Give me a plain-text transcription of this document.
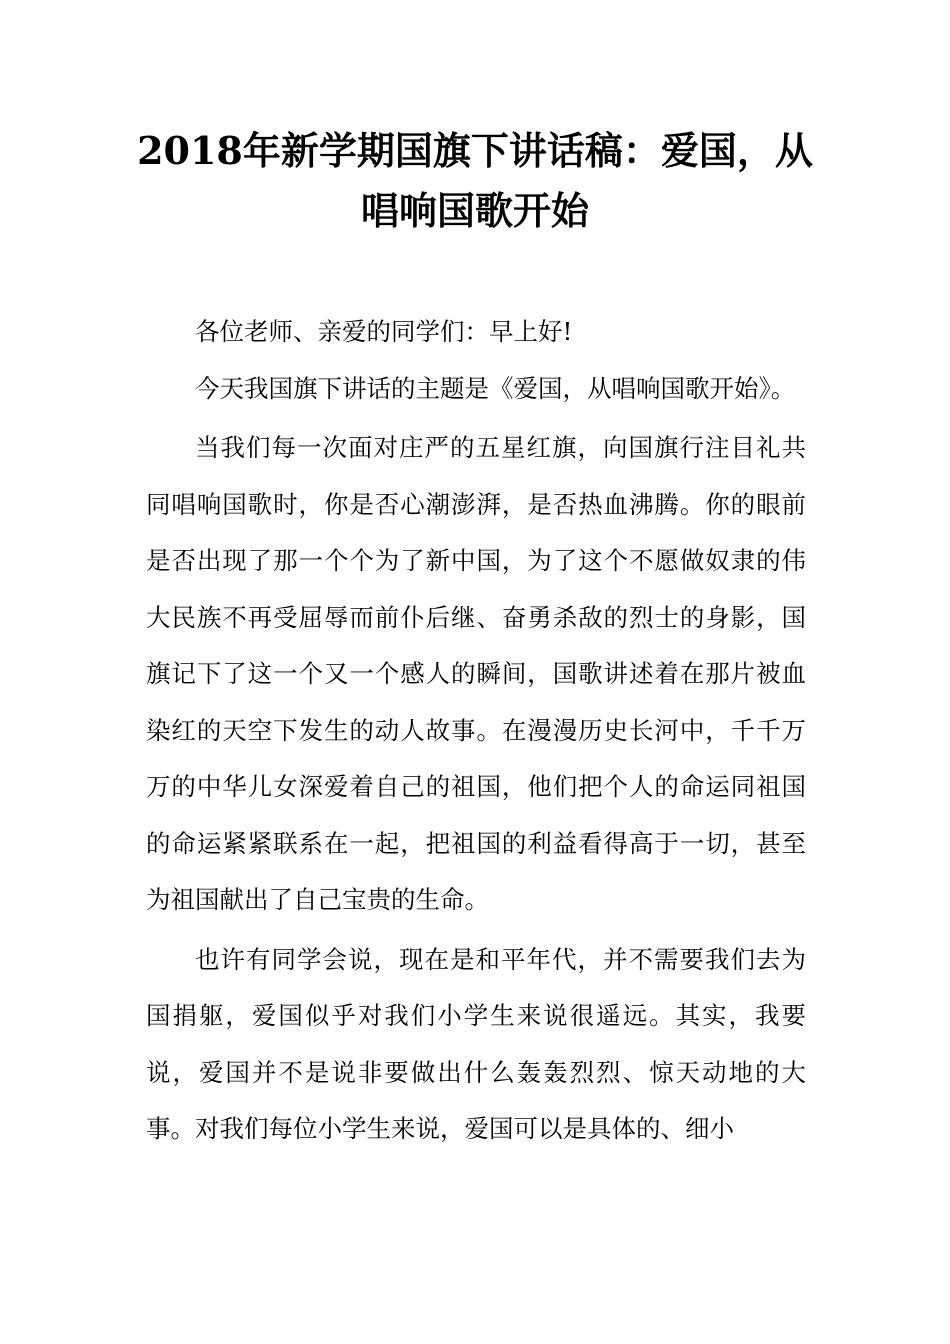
2018年新学期国旗下讲话稿：爱国，从
唱响国歌开始

各位老师、亲爱的同学们：早上好!

今天我国旗下讲话的主题是《爱国，从唱响国歌开始》。

当我们每一次面对庄严的五星红旗，向国旗行注目礼共同唱响国歌时，你是否心潮澎湃，是否热血沸腾。你的眼前是否出现了那一个个为了新中国，为了这个不愿做奴隶的伟大民族不再受屈辱而前仆后继、奋勇杀敌的烈士的身影，国旗记下了这一个又一个感人的瞬间，国歌讲述着在那片被血染红的天空下发生的动人故事。在漫漫历史长河中，千千万万的中华儿女深爱着自己的祖国，他们把个人的命运同祖国的命运紧紧联系在一起，把祖国的利益看得高于一切，甚至为祖国献出了自己宝贵的生命。

也许有同学会说，现在是和平年代，并不需要我们去为国捐躯，爱国似乎对我们小学生来说很遥远。其实，我要说，爱国并不是说非要做出什么轰轰烈烈、惊天动地的大事。对我们每位小学生来说，爱国可以是具体的、细小
